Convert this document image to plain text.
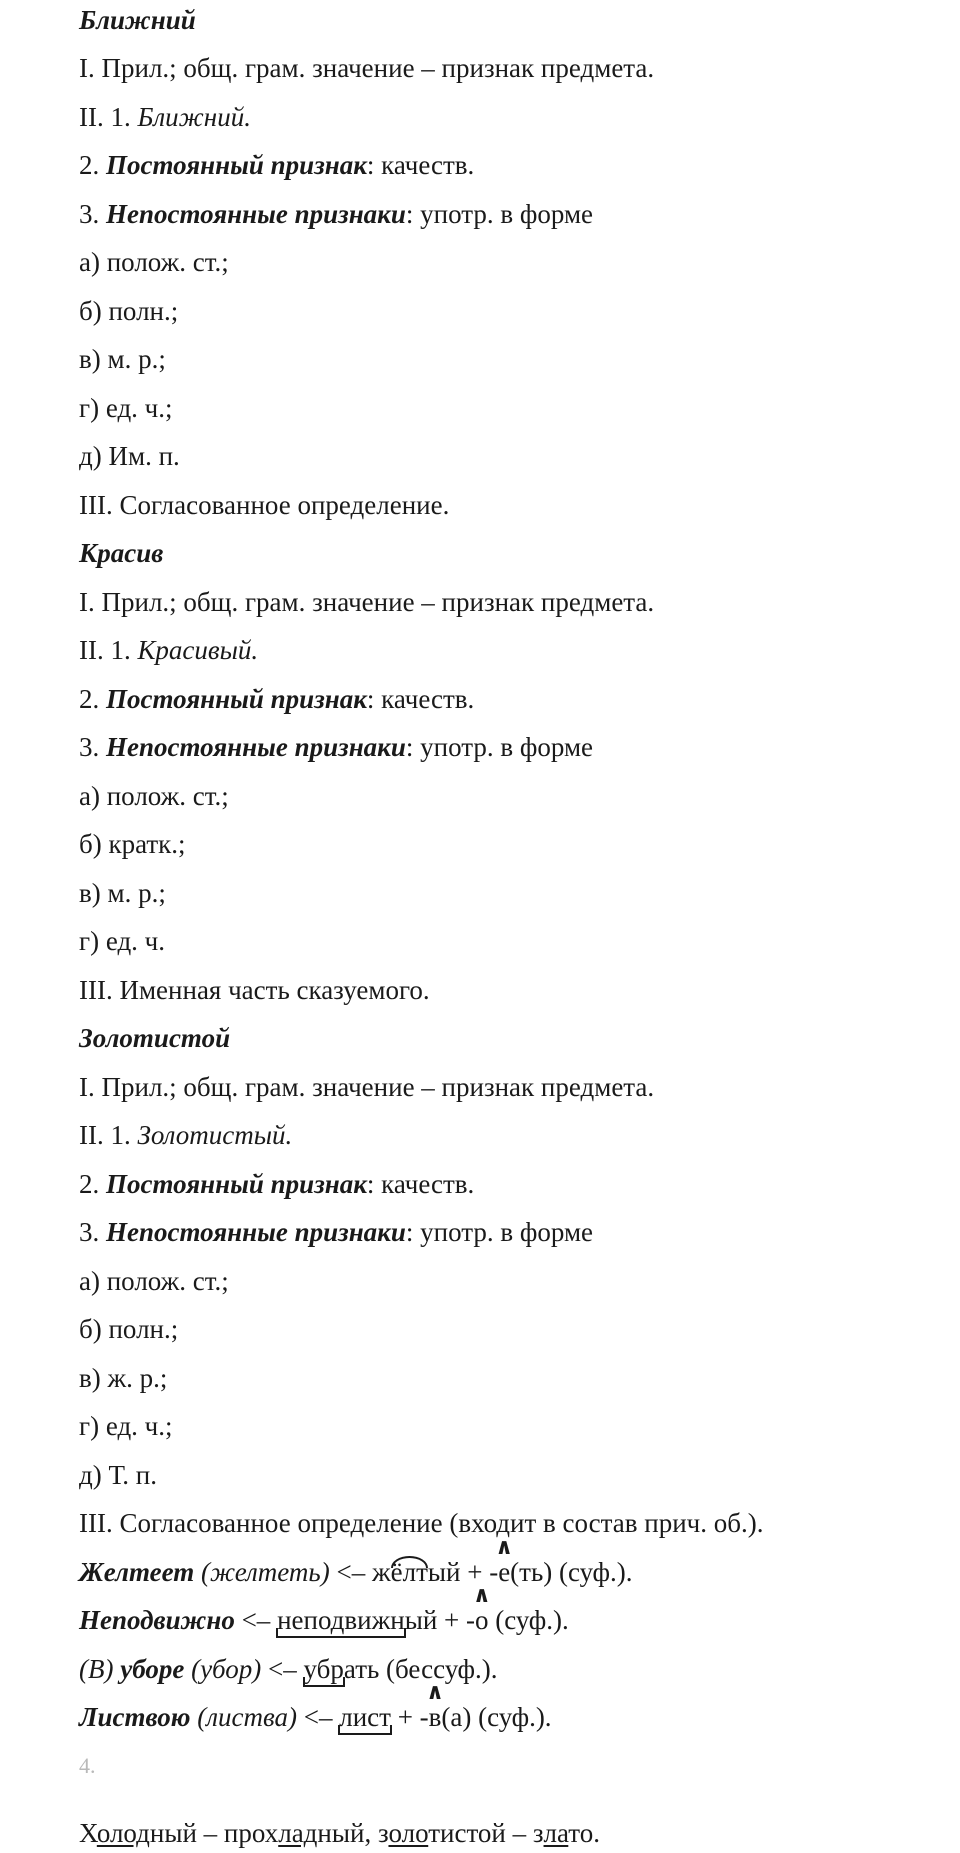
Ближний
I. Прил.; общ. грам. значение – признак предмета.
II. 1. Ближний.
2. Постоянный признак: качеств.
3. Непостоянные признаки: употр. в форме
а) полож. ст.;
б) полн.;
в) м. р.;
г) ед. ч.;
д) Им. п.
III. Согласованное определение.
Красив
I. Прил.; общ. грам. значение – признак предмета.
II. 1. Красивый.
2. Постоянный признак: качеств.
3. Непостоянные признаки: употр. в форме
а) полож. ст.;
б) кратк.;
в) м. р.;
г) ед. ч.
III. Именная часть сказуемого.
Золотистой
I. Прил.; общ. грам. значение – признак предмета.
II. 1. Золотистый.
2. Постоянный признак: качеств.
3. Непостоянные признаки: употр. в форме
а) полож. ст.;
б) полн.;
в) ж. р.;
г) ед. ч.;
д) Т. п.
III. Согласованное определение (входит в состав прич. об.).
Желтеет (желтеть) <– жёлтый + -∧ е(ть) (суф.).
Неподвижно <– неподвижный + -∧ о (суф.).
(В) уборе (убор) <– убрать (бессуф.).
Листвою (листва) <– лист + -∧ в(а) (суф.).
4.
Холодный – прохладный, золотистой – злато.
